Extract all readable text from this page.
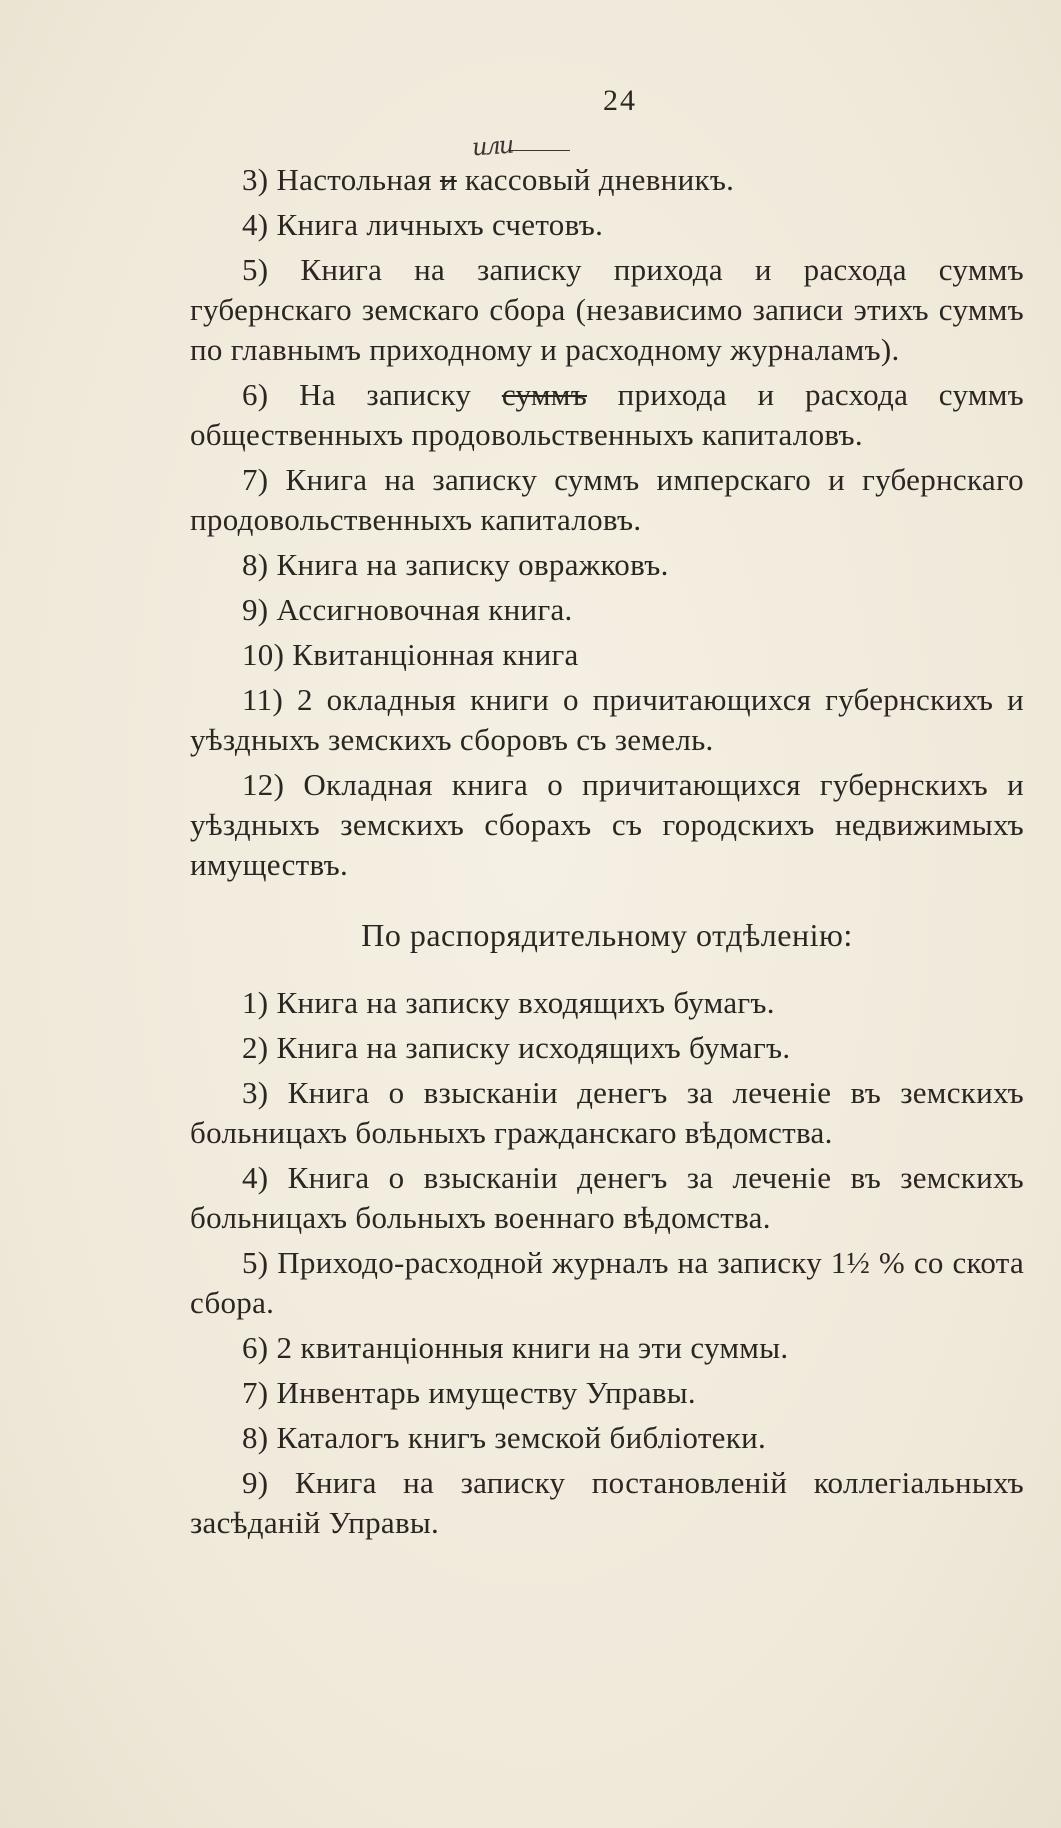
24
или

3) Настольная и кассовый дневникъ.

4) Книга личныхъ счетовъ.

5) Книга на записку прихода и расхода суммъ губернскаго земскаго сбора (независимо записи этихъ суммъ по главнымъ приходному и расходному журналамъ).

6) На записку суммъ прихода и расхода суммъ общественныхъ продовольственныхъ капиталовъ.

7) Книга на записку суммъ имперскаго и губернскаго продовольственныхъ капиталовъ.

8) Книга на записку овражковъ.

9) Ассигновочная книга.

10) Квитанціонная книга

11) 2 окладныя книги о причитающихся губернскихъ и уѣздныхъ земскихъ сборовъ съ земель.

12) Окладная книга о причитающихся губернскихъ и уѣздныхъ земскихъ сборахъ съ городскихъ недвижимыхъ имуществъ.

По распорядительному отдѣленію:

1) Книга на записку входящихъ бумагъ.

2) Книга на записку исходящихъ бумагъ.

3) Книга о взысканіи денегъ за леченіе въ земскихъ больницахъ больныхъ гражданскаго вѣдомства.

4) Книга о взысканіи денегъ за леченіе въ земскихъ больницахъ больныхъ военнаго вѣдомства.

5) Приходо-расходной журналъ на записку 1½ % со скота сбора.

6) 2 квитанціонныя книги на эти суммы.

7) Инвентарь имуществу Управы.

8) Каталогъ книгъ земской библіотеки.

9) Книга на записку постановленій коллегіальныхъ засѣданій Управы.
